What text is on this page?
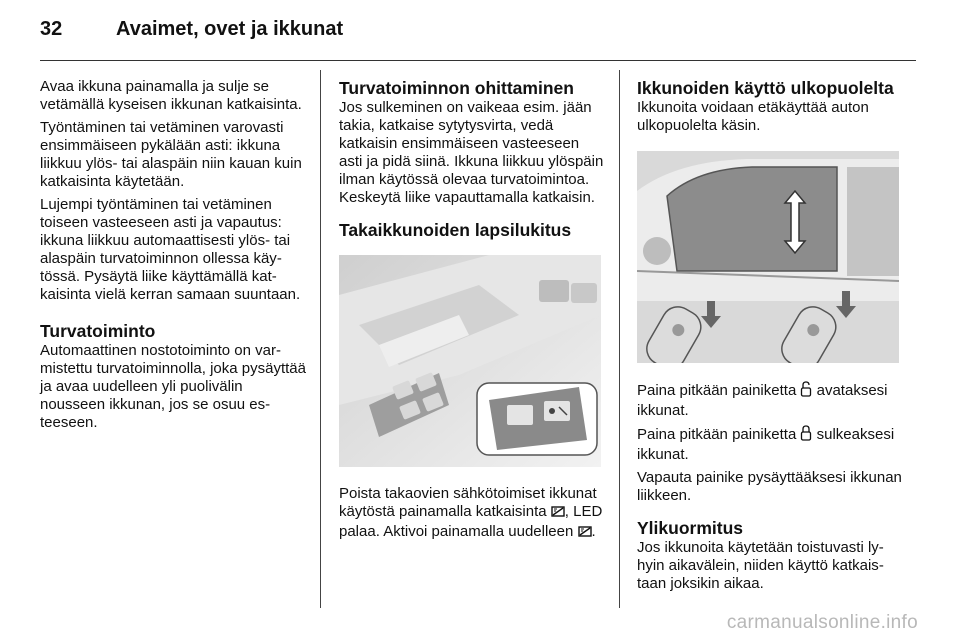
32	Avaimet, ovet ja ikkunat

Avaa ikkuna painamalla ja sulje se vetämällä kyseisen ikkunan katkaisinta.

Työntäminen tai vetäminen varovasti ensimmäiseen pykälään asti: ikkuna liikkuu ylös- tai alaspäin niin kauan kuin katkaisinta käytetään.

Lujempi työntäminen tai vetäminen toiseen vasteeseen asti ja vapautus: ikkuna liikkuu automaattisesti ylös- tai alaspäin turvatoiminnon ollessa käytössä. Pysäytä liike käyttämällä katkaisinta vielä kerran samaan suuntaan.

Turvatoiminto

Automaattinen nostotoiminto on varmistettu turvatoiminnolla, joka pysäyttää ja avaa uudelleen yli puolivälin nousseen ikkunan, jos se osuu esteeseen.

Turvatoiminnon ohittaminen

Jos sulkeminen on vaikeaa esim. jään takia, katkaise sytytysvirta, vedä katkaisin ensimmäiseen vasteeseen asti ja pidä siinä. Ikkuna liikkuu ylöspäin ilman käytössä olevaa turvatoimintoa. Keskeytä liike vapauttamalla katkaisin.

Takaikkunoiden lapsilukitus

Poista takaovien sähkötoimiset ikkunat käytöstä painamalla katkaisinta , LED palaa. Aktivoi painamalla uudelleen .

Ikkunoiden käyttö ulkopuolelta

Ikkunoita voidaan etäkäyttää auton ulkopuolelta käsin.

Paina pitkään painiketta  avataksesi ikkunat.

Paina pitkään painiketta  sulkeaksesi ikkunat.

Vapauta painike pysäyttääksesi ikkunan liikkeen.

Ylikuormitus

Jos ikkunoita käytetään toistuvasti lyhyin aikavälein, niiden käyttö katkaistaan joksikin aikaa.

carmanualsonline.info
